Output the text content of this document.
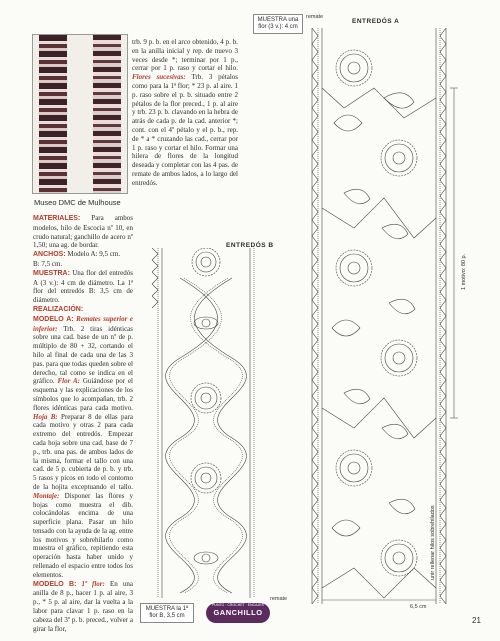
Museo DMC de Mulhouse
MATERIALES: Para ambos modelos, hilo de Escocia nº 10, en crudo natural; ganchillo de acero nº 1,50; una ag. de bordar.
ANCHOS: Modelo A: 9,5 cm.
B: 7,5 cm.
MUESTRA: Una flor del entredós A (3 v.): 4 cm de diámetro. La 1ª flor del entredós B: 3,5 cm de diámetro.
REALIZACIÓN:
MODELO A: Remates superior e inferior: Trb. 2 tiras idénticas sobre una cad. base de un nº de p. múltiplo de 80 + 32, cortando el hilo al final de cada una de las 3 pas. para que todas queden sobre el derecho, tal como se indica en el gráfico. Flor A: Guiándose por el esquema y las explicaciones de los símbolos que lo acompañan, trb. 2 flores idénticas para cada motivo. Hoja B: Preparar 8 de ellas para cada motivo y otras 2 para cada extremo del entredós. Empezar cada hoja sobre una cad. base de 7 p., trb. una pas. de ambos lados de la misma, formar el tallo con una cad. de 5 p. cubierta de p. b. y trb. 5 rasos y picos en todo el contorno de la hojita exceptuando el tallo. Montaje: Disponer las flores y hojas como muestra el dib. colocándolas encima de una superficie plana. Pasar un hilo tensado con la ayuda de la ag. entre los motivos y sobrehilarlo como muestra el gráfico, repitiendo esta operación hasta haber unido y rellenado el espacio entre todos los elementos.
MODELO B: 1ª flor: En una anilla de 8 p., hacer 1 p. al aire, 3 p., * 5 p. al aire, dar la vuelta a la labor para clavar 1 p. raso en la cabeza del 3º p. b. preced., volver a girar la flor,
trb. 9 p. b. en el arco obtenido, 4 p. b. en la anilla inicial y rep. de nuevo 3 veces desde *; terminar por 1 p., cerrar por 1 p. raso y cortar el hilo. Flores sucesivas: Trb. 3 pétalos como para la 1ª flor; * 23 p. al aire. 1 p. raso sobre el p. b. situado entre 2 pétalos de la flor preced., 1 p. al aire y trb. 23 p. b. clavando en la hebra de atrás de cada p. de la cad. anterior *; cont. con el 4º pétalo y el p. b., rep. de * a * cruzando las cad., cerrar por 1 p. raso y cortar el hilo. Formar una hilera de flores de la longitud deseada y completar con las 4 pas. de remate de ambos lados, a lo largo del entredós.
MUESTRA una flor (3 v.): 4 cm
ENTREDÓS A
ENTREDÓS B
remate
remate
6,5 cm
1 motivo: 80 p.
unir rellenar hilos sobrehilados
MUESTRA la 1ª flor B, 3,5 cm
PUNTO · CROCHET · ENCAJES
GANCHILLO
21
